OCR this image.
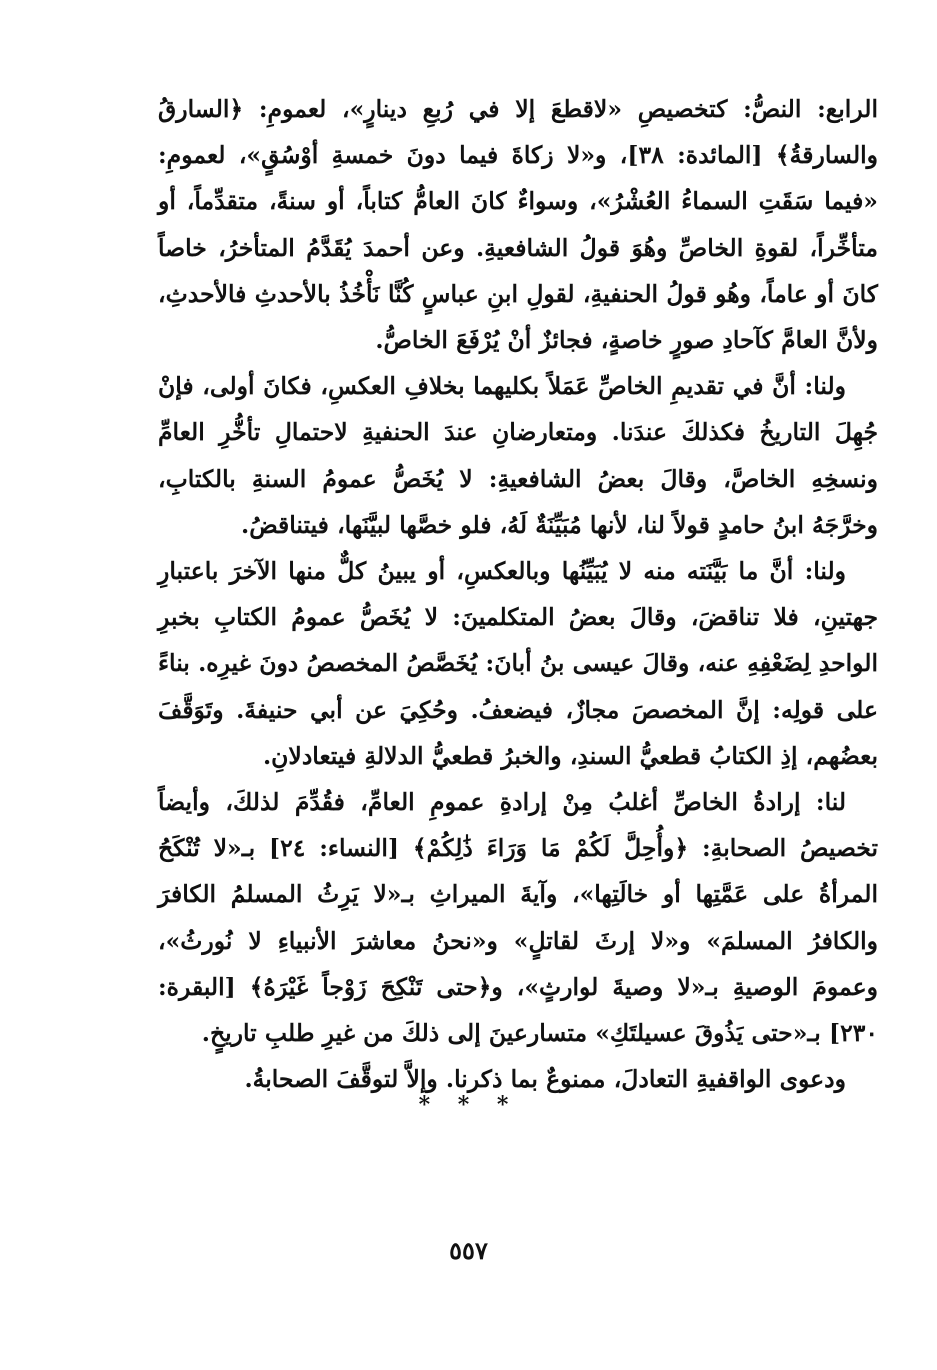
الرابع: النصُّ: كتخصيصِ «لاقطعَ إلا في رُبعِ دينارٍ»، لعمومِ: ﴿السارقُ والسارقةُ﴾ [المائدة: ٣٨]، و«لا زكاةَ فيما دونَ خمسةِ أوْسُقٍ»، لعمومِ: «فيما سَقَتِ السماءُ العُشْرُ»، وسواءٌ كانَ العامُّ كتاباً، أو سنةً، متقدِّماً، أو متأخِّراً، لقوةِ الخاصِّ وهُوَ قولُ الشافعيةِ. وعن أحمدَ يُقَدَّمُ المتأخرُ، خاصاً كانَ أو عاماً، وهُو قولُ الحنفيةِ، لقولِ ابنِ عباسٍ كُنَّا نَأْخُذُ بالأحدثِ فالأحدثِ، ولأنَّ العامَّ كآحادِ صورٍ خاصةٍ، فجائزٌ أنْ يُرْفَعَ الخاصُّ.

ولنا: أنَّ في تقديمِ الخاصِّ عَمَلاً بكليهما بخلافِ العكسِ، فكانَ أولى، فإنْ جُهِلَ التاريخُ فكذلكَ عندَنا. ومتعارضانِ عندَ الحنفيةِ لاحتمالِ تأخُّرِ العامِّ ونسخِهِ الخاصَّ، وقالَ بعضُ الشافعيةِ: لا يُخَصُّ عمومُ السنةِ بالكتابِ، وخرَّجَهُ ابنُ حامدٍ قولاً لنا، لأنها مُبَيِّنَةٌ لَهُ، فلو خصَّها لبيَّنَها، فيتناقضُ.

ولنا: أنَّ ما بَيَّنَته منه لا يُبَيِّنُها وبالعكسِ، أو يبينُ كلٌّ منها الآخرَ باعتبارِ جهتينِ، فلا تناقضَ، وقالَ بعضُ المتكلمينَ: لا يُخَصُّ عمومُ الكتابِ بخبرِ الواحدِ لِضَعْفِهِ عنه، وقالَ عيسى بنُ أبانَ: يُخَصَّصُ المخصصُ دونَ غيرِه. بناءً على قولِه: إنَّ المخصصَ مجازٌ، فيضعفُ. وحُكِيَ عن أبي حنيفةَ. وتَوَقَّفَ بعضُهم، إذِ الكتابُ قطعيُّ السندِ، والخبرُ قطعيُّ الدلالةِ فيتعادلانِ.

لنا: إرادةُ الخاصِّ أغلبُ مِنْ إرادةِ عمومِ العامِّ، فقُدِّمَ لذلكَ، وأيضاً تخصيصُ الصحابةِ: ﴿وأُحِلَّ لَكُمْ مَا وَرَاءَ ذَٰلِكُمْ﴾ [النساء: ٢٤] بـ«لا تُنْكَحُ المرأةُ على عَمَّتِها أو خالَتِها»، وآيةَ الميراثِ بـ«لا يَرِثُ المسلمُ الكافرَ والكافرُ المسلمَ» و«لا إرثَ لقاتلٍ» و«نحنُ معاشرَ الأنبياءِ لا نُورثُ»، وعمومَ الوصيةِ بـ«لا وصيةَ لوارثٍ»، و﴿حتى تَنْكِحَ زَوْجاً غَيْرَهُ﴾ [البقرة: ٢٣٠] بـ«حتى يَذُوقَ عسيلتَكِ» متسارعينَ إلى ذلكَ من غيرِ طلبِ تاريخٍ.

ودعوى الواقفيةِ التعادلَ، ممنوعٌ بما ذكرنا. وإلاَّ لتوقَّفَ الصحابةُ.

* * *
٥٥٧
